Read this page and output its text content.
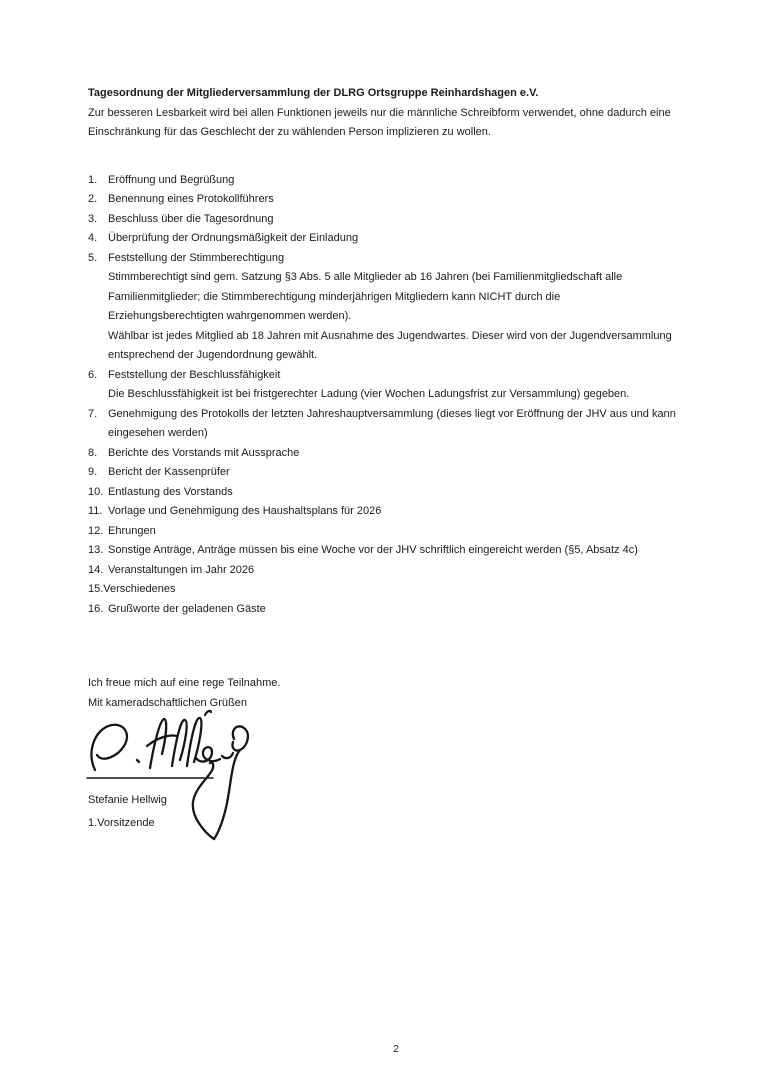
Tagesordnung der Mitgliederversammlung der DLRG Ortsgruppe Reinhardshagen e.V.
Zur besseren Lesbarkeit wird bei allen Funktionen jeweils nur die männliche Schreibform verwendet, ohne dadurch eine
Einschränkung für das Geschlecht der zu wählenden Person implizieren zu wollen.
1. Eröffnung und Begrüßung
2. Benennung eines Protokollführers
3. Beschluss über die Tagesordnung
4. Überprüfung der Ordnungsmäßigkeit der Einladung
5. Feststellung der Stimmberechtigung
Stimmberechtigt sind gem. Satzung §3 Abs. 5 alle Mitglieder ab 16 Jahren (bei Familienmitgliedschaft alle
Familienmitglieder; die Stimmberechtigung minderjährigen Mitgliedern kann NICHT durch die
Erziehungsberechtigten wahrgenommen werden).
Wählbar ist jedes Mitglied ab 18 Jahren mit Ausnahme des Jugendwartes. Dieser wird von der Jugendversammlung
entsprechend der Jugendordnung gewählt.
6. Feststellung der Beschlussfähigkeit
Die Beschlussfähigkeit ist bei fristgerechter Ladung (vier Wochen Ladungsfrist zur Versammlung) gegeben.
7. Genehmigung des Protokolls der letzten Jahreshauptversammlung (dieses liegt vor Eröffnung der JHV aus und kann
eingesehen werden)
8. Berichte des Vorstands mit Aussprache
9. Bericht der Kassenprüfer
10. Entlastung des Vorstands
11. Vorlage und Genehmigung des Haushaltsplans für 2026
12. Ehrungen
13. Sonstige Anträge, Anträge müssen bis eine Woche vor der JHV schriftlich eingereicht werden (§5, Absatz 4c)
14. Veranstaltungen im Jahr 2026
15. Verschiedenes
16. Grußworte der geladenen Gäste
Ich freue mich auf eine rege Teilnahme.
Mit kameradschaftlichen Grüßen
Stefanie Hellwig
1.Vorsitzende
2
